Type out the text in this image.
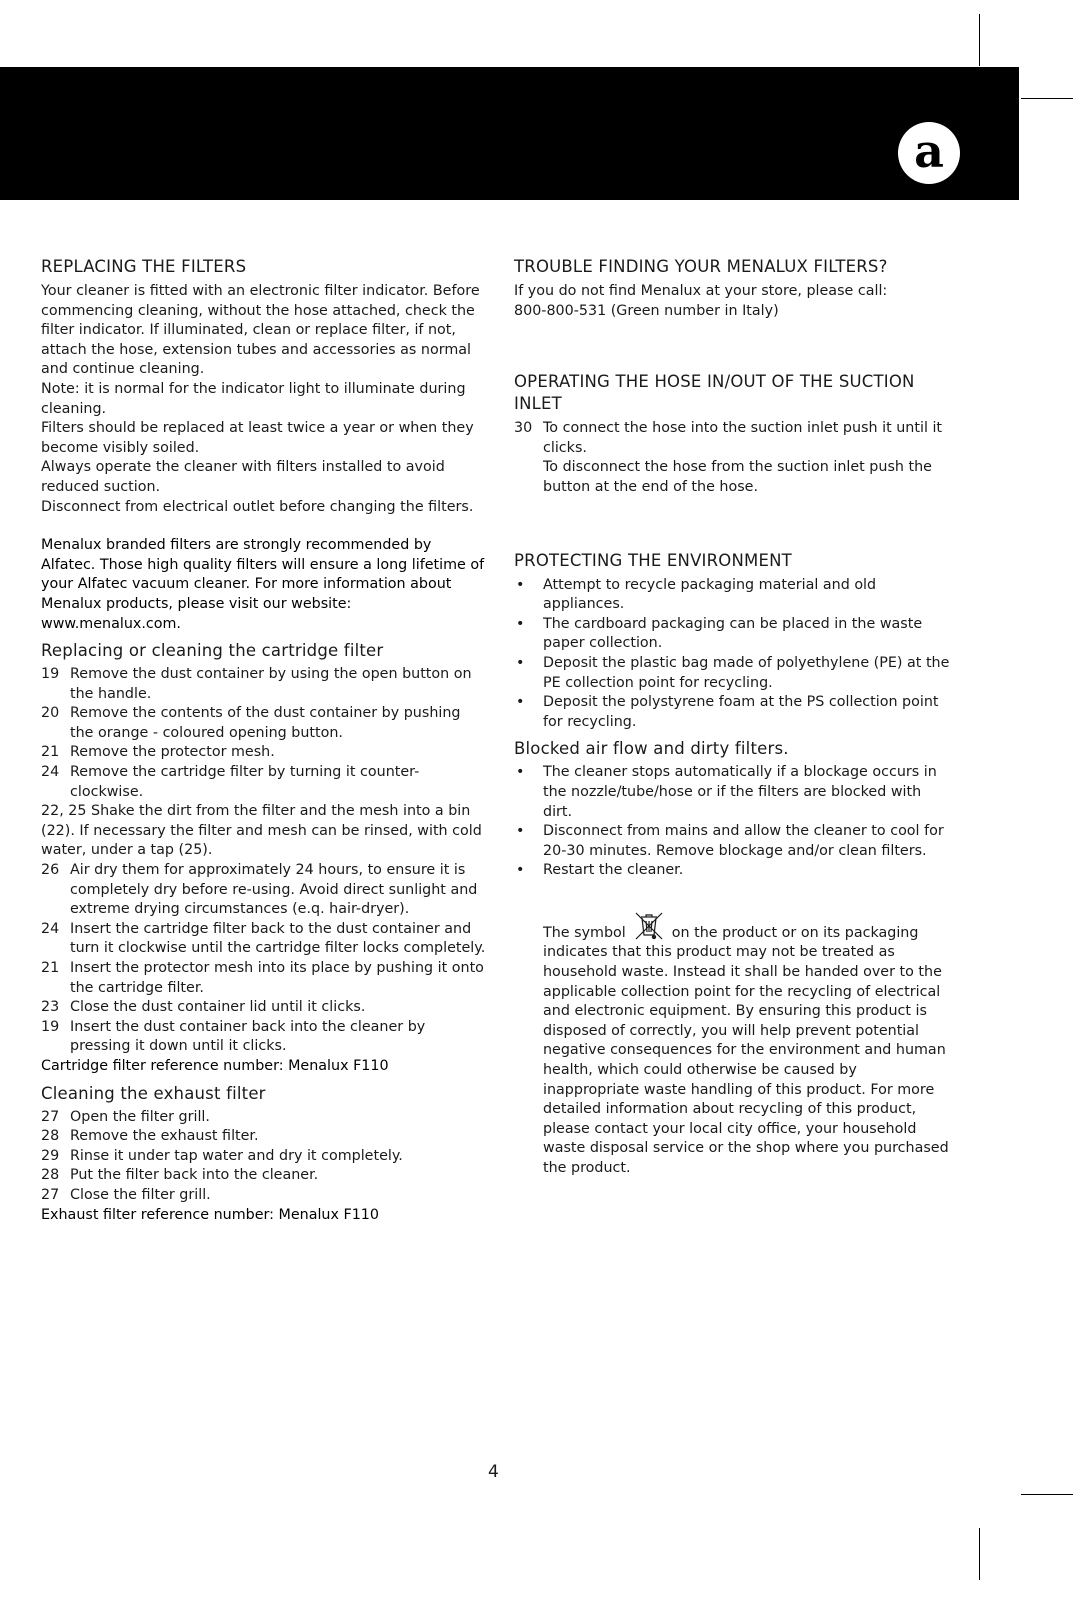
a
REPLACING THE FILTERS

Your cleaner is fitted with an electronic filter indicator. Before commencing cleaning, without the hose attached, check the filter indicator. If illuminated, clean or replace filter, if not, attach the hose, extension tubes and accessories as normal and continue cleaning.

Note: it is normal for the indicator light to illuminate during cleaning.

Filters should be replaced at least twice a year or when they become visibly soiled.

Always operate the cleaner with filters installed to avoid reduced suction.

Disconnect from electrical outlet before changing the filters.

Menalux branded filters are strongly recommended by Alfatec. Those high quality filters will ensure a long lifetime of your Alfatec vacuum cleaner. For more information about Menalux products, please visit our website: www.menalux.com.

Replacing or cleaning the cartridge filter
19 Remove the dust container by using the open button on the handle.
20 Remove the contents of the dust container by pushing the orange - coloured opening button.
21 Remove the protector mesh.
24 Remove the cartridge filter by turning it counter-clockwise.
22, 25 Shake the dirt from the filter and the mesh into a bin (22). If necessary the filter and mesh can be rinsed, with cold water, under a tap (25).
26 Air dry them for approximately 24 hours, to ensure it is completely dry before re-using. Avoid direct sunlight and extreme drying circumstances (e.q. hair-dryer).
24 Insert the cartridge filter back to the dust container and turn it clockwise until the cartridge filter locks completely.
21 Insert the protector mesh into its place by pushing it onto the cartridge filter.
23 Close the dust container lid until it clicks.
19 Insert the dust container back into the cleaner by pressing it down until it clicks.

Cartridge filter reference number: Menalux F110

Cleaning the exhaust filter
27 Open the filter grill.
28 Remove the exhaust filter.
29 Rinse it under tap water and dry it completely.
28 Put the filter back into the cleaner.
27 Close the filter grill.

Exhaust filter reference number: Menalux F110

TROUBLE FINDING YOUR MENALUX FILTERS?

If you do not find Menalux at your store, please call:

800-800-531 (Green number in Italy)

OPERATING THE HOSE IN/OUT OF THE SUCTION INLET
30 To connect the hose into the suction inlet push it until it clicks.
To disconnect the hose from the suction inlet push the button at the end of the hose.
PROTECTING THE ENVIRONMENT
•	Attempt to recycle packaging material and old appliances.
•	The cardboard packaging can be placed in the waste paper collection.
•	Deposit the plastic bag made of polyethylene (PE) at the PE collection point for recycling.
•	Deposit the polystyrene foam at the PS collection point for recycling.
Blocked air flow and dirty filters.
•	The cleaner stops automatically if a blockage occurs in the nozzle/tube/hose or if the filters are blocked with dirt.
•	Disconnect from mains and allow the cleaner to cool for 20-30 minutes. Remove blockage and/or clean filters.
•	Restart the cleaner.
The symbol	on the product or on its packaging indicates that this product may not be treated as household waste. Instead it shall be handed over to the applicable collection point for the recycling of electrical and electronic equipment. By ensuring this product is disposed of correctly, you will help prevent potential negative consequences for the environment and human health, which could otherwise be caused by inappropriate waste handling of this product. For more detailed information about recycling of this product, please contact your local city office, your household waste disposal service or the shop where you purchased the product.
4
